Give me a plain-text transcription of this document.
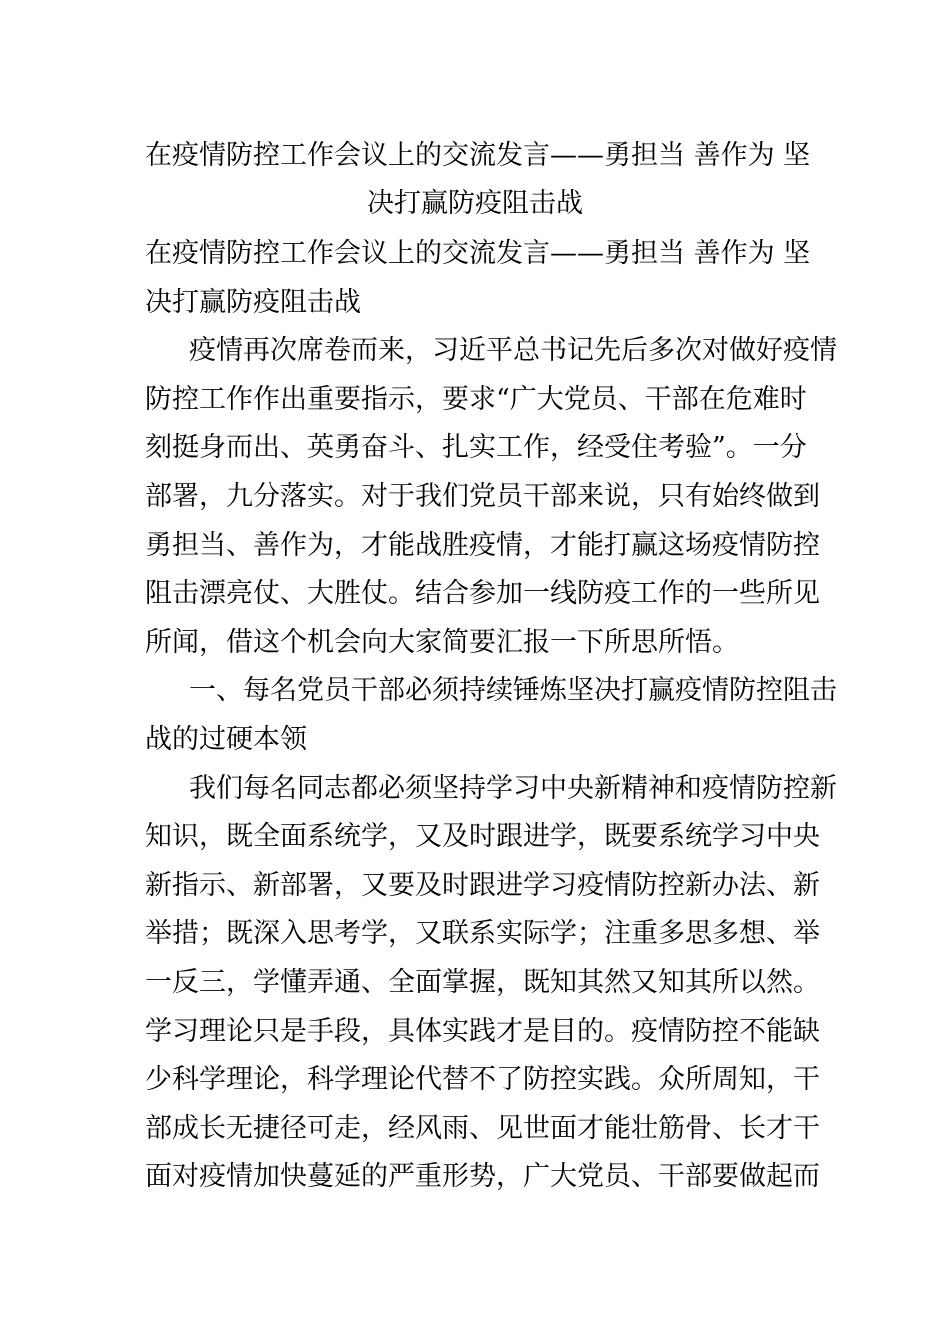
在疫情防控工作会议上的交流发言——勇担当 善作为 坚
决打赢防疫阻击战
在疫情防控工作会议上的交流发言——勇担当 善作为 坚
决打赢防疫阻击战
疫情再次席卷而来，习近平总书记先后多次对做好疫情
防控工作作出重要指示，要求“广大党员、干部在危难时
刻挺身而出、英勇奋斗、扎实工作，经受住考验”。一分
部署，九分落实。对于我们党员干部来说，只有始终做到
勇担当、善作为，才能战胜疫情，才能打赢这场疫情防控
阻击漂亮仗、大胜仗。结合参加一线防疫工作的一些所见
所闻，借这个机会向大家简要汇报一下所思所悟。
一、每名党员干部必须持续锤炼坚决打赢疫情防控阻击
战的过硬本领
我们每名同志都必须坚持学习中央新精神和疫情防控新
知识，既全面系统学，又及时跟进学，既要系统学习中央
新指示、新部署，又要及时跟进学习疫情防控新办法、新
举措；既深入思考学，又联系实际学；注重多思多想、举
一反三，学懂弄通、全面掌握，既知其然又知其所以然。
学习理论只是手段，具体实践才是目的。疫情防控不能缺
少科学理论，科学理论代替不了防控实践。众所周知，干
部成长无捷径可走，经风雨、见世面才能壮筋骨、长才干
面对疫情加快蔓延的严重形势，广大党员、干部要做起而
